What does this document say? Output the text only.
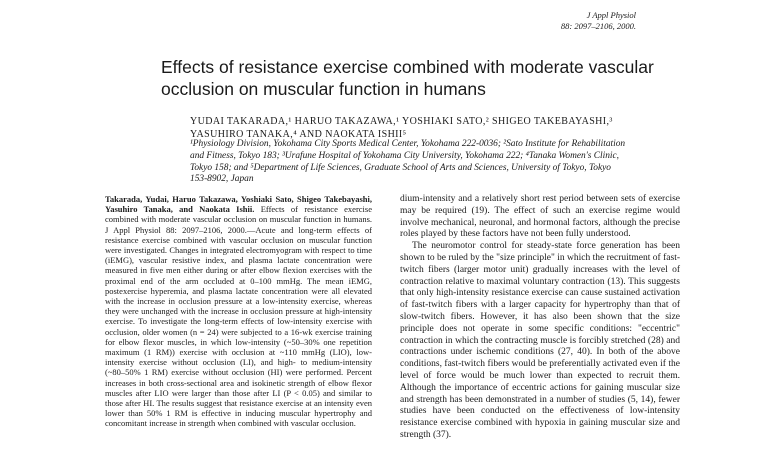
J Appl Physiol
88: 2097–2106, 2000.
Effects of resistance exercise combined with moderate vascular occlusion on muscular function in humans
YUDAI TAKARADA,¹ HARUO TAKAZAWA,¹ YOSHIAKI SATO,² SHIGEO TAKEBAYASHI,³ YASUHIRO TANAKA,⁴ AND NAOKATA ISHII⁵
¹Physiology Division, Yokohama City Sports Medical Center, Yokohama 222-0036; ²Sato Institute for Rehabilitation and Fitness, Tokyo 183; ³Urafune Hospital of Yokohama City University, Yokohama 222; ⁴Tanaka Women's Clinic, Tokyo 158; and ⁵Department of Life Sciences, Graduate School of Arts and Sciences, University of Tokyo, Tokyo 153-8902, Japan

Takarada, Yudai, Haruo Takazawa, Yoshiaki Sato, Shigeo Takebayashi, Yasuhiro Tanaka, and Naokata Ishii. Effects of resistance exercise combined with moderate vascular occlusion on muscular function in humans. J Appl Physiol 88: 2097–2106, 2000.—Acute and long-term effects of resistance exercise combined with vascular occlusion on muscular function were investigated. Changes in integrated electromyogram with respect to time (iEMG), vascular resistive index, and plasma lactate concentration were measured in five men either during or after elbow flexion exercises with the proximal end of the arm occluded at 0–100 mmHg. The mean iEMG, postexercise hyperemia, and plasma lactate concentration were all elevated with the increase in occlusion pressure at a low-intensity exercise, whereas they were unchanged with the increase in occlusion pressure at high-intensity exercise. To investigate the long-term effects of low-intensity exercise with occlusion, older women (n = 24) were subjected to a 16-wk exercise training for elbow flexor muscles, in which low-intensity (~50–30% one repetition maximum (1 RM)) exercise with occlusion at ~110 mmHg (LIO), low-intensity exercise without occlusion (LI), and high- to medium-intensity (~80–50% 1 RM) exercise without occlusion (HI) were performed. Percent increases in both cross-sectional area and isokinetic strength of elbow flexor muscles after LIO were larger than those after LI (P < 0.05) and similar to those after HI. The results suggest that resistance exercise at an intensity even lower than 50% 1 RM is effective in inducing muscular hypertrophy and concomitant increase in strength when combined with vascular occlusion.

dium-intensity and a relatively short rest period between sets of exercise may be required (19). The effect of such an exercise regime would involve mechanical, neuronal, and hormonal factors, although the precise roles played by these factors have not been fully understood.

The neuromotor control for steady-state force generation has been shown to be ruled by the "size principle" in which the recruitment of fast-twitch fibers (larger motor unit) gradually increases with the level of contraction relative to maximal voluntary contraction (13). This suggests that only high-intensity resistance exercise can cause sustained activation of fast-twitch fibers with a larger capacity for hypertrophy than that of slow-twitch fibers. However, it has also been shown that the size principle does not operate in some specific conditions: "eccentric" contraction in which the contracting muscle is forcibly stretched (28) and contractions under ischemic conditions (27, 40). In both of the above conditions, fast-twitch fibers would be preferentially activated even if the level of force would be much lower than expected to recruit them. Although the importance of eccentric actions for gaining muscular size and strength has been demonstrated in a number of studies (5, 14), fewer studies have been conducted on the effectiveness of low-intensity resistance exercise combined with hypoxia in gaining muscular size and strength (37).
